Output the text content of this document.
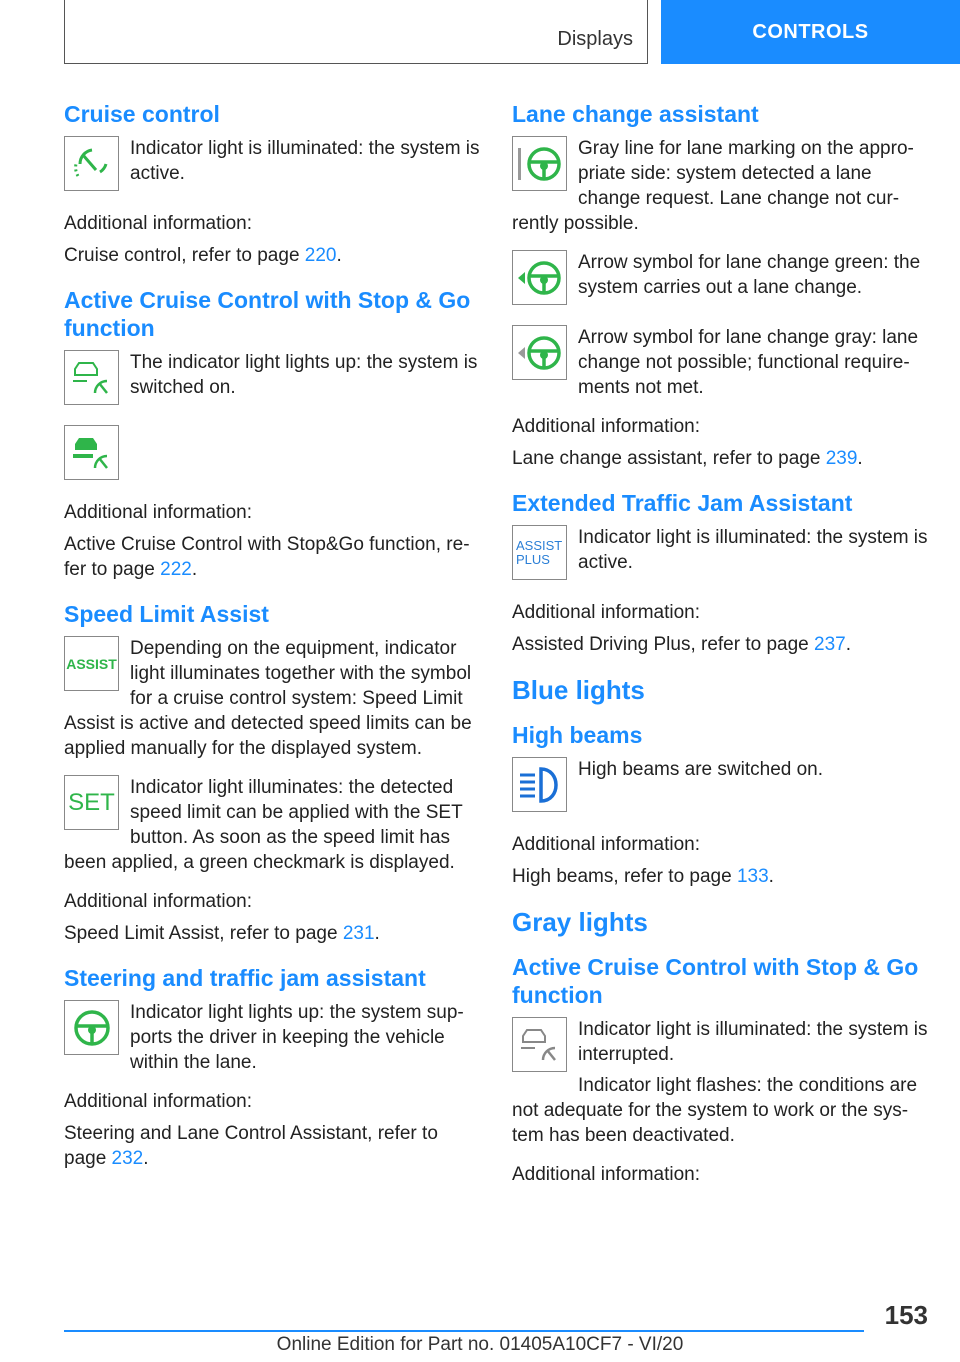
Displays	CONTROLS
Cruise control
Indicator light is illuminated: the system is active.

Additional information:

Cruise control, refer to page 220.

Active Cruise Control with Stop & Go function
The indicator light lights up: the system is switched on.

Additional information:

Active Cruise Control with Stop&Go function, refer to page 222.

Speed Limit Assist
ASSIST
Depending on the equipment, indicator light illuminates together with the symbol for a cruise control system: Speed Limit Assist is active and detected speed limits can be applied manually for the displayed system.
SET
Indicator light illuminates: the detected speed limit can be applied with the SET button. As soon as the speed limit has been applied, a green checkmark is displayed.

Additional information:

Speed Limit Assist, refer to page 231.

Steering and traffic jam assistant
Indicator light lights up: the system supports the driver in keeping the vehicle within the lane.

Additional information:

Steering and Lane Control Assistant, refer to page 232.

Lane change assistant
Gray line for lane marking on the appropriate side: system detected a lane change request. Lane change not currently possible.
Arrow symbol for lane change green: the system carries out a lane change.
Arrow symbol for lane change gray: lane change not possible; functional requirements not met.

Additional information:

Lane change assistant, refer to page 239.

Extended Traffic Jam Assistant
ASSIST
PLUS
Indicator light is illuminated: the system is active.

Additional information:

Assisted Driving Plus, refer to page 237.

Blue lights
High beams
High beams are switched on.

Additional information:

High beams, refer to page 133.

Gray lights
Active Cruise Control with Stop & Go function
Indicator light is illuminated: the system is interrupted.
Indicator light flashes: the conditions are not adequate for the system to work or the system has been deactivated.

Additional information:

153
Online Edition for Part no. 01405A10CF7 - VI/20
